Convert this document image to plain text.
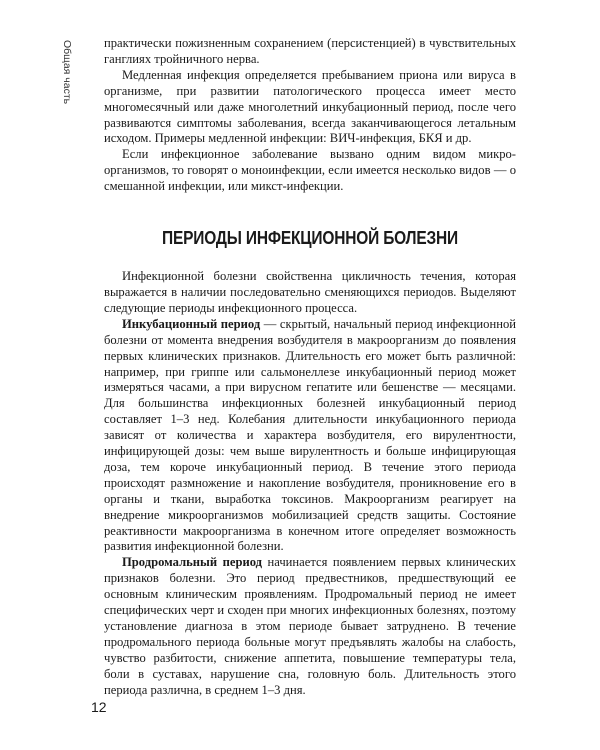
Общая часть практически пожизненным сохранением (персистенцией) в чувствительных ганглиях тройничного нерва.

Медленная инфекция определяется пребыванием приона или вируса в организме, при развитии патологического процесса имеет место многомесячный или даже многолетний инкубационный период, после чего развиваются симптомы заболевания, всегда заканчивающегося летальным исходом. Примеры медленной инфекции: ВИЧ-инфекция, БКЯ и др.

Если инфекционное заболевание вызвано одним видом микроорганизмов, то говорят о моноинфекции, если имеется несколько видов — о смешанной инфекции, или микст-инфекции.

ПЕРИОДЫ ИНФЕКЦИОННОЙ БОЛЕЗНИ

Инфекционной болезни свойственна цикличность течения, которая выражается в наличии последовательно сменяющихся периодов. Выделяют следующие периоды инфекционного процесса.

Инкубационный период — скрытый, начальный период инфекционной болезни от момента внедрения возбудителя в макроорганизм до появления первых клинических признаков. Длительность его может быть различной: например, при гриппе или сальмонеллезе инкубационный период может измеряться часами, а при вирусном гепатите или бешенстве — месяцами. Для большинства инфекционных болезней инкубационный период составляет 1–3 нед. Колебания длительности инкубационного периода зависят от количества и характера возбудителя, его вирулентности, инфицирующей дозы: чем выше вирулентность и больше инфицирующая доза, тем короче инкубационный период. В течение этого периода происходят размножение и накопление возбудителя, проникновение его в органы и ткани, выработка токсинов. Макроорганизм реагирует на внедрение микроорганизмов мобилизацией средств защиты. Состояние реактивности макроорганизма в конечном итоге определяет возможность развития инфекционной болезни.

Продромальный период начинается появлением первых клинических признаков болезни. Это период предвестников, предшествующий ее основным клиническим проявлениям. Продромальный период не имеет специфических черт и сходен при многих инфекционных болезнях, поэтому установление диагноза в этом периоде бывает затруднено. В течение продромального периода больные могут предъявлять жалобы на слабость, чувство разбитости, снижение аппетита, повышение температуры тела, боли в суставах, нарушение сна, головную боль. Длительность этого периода различна, в среднем 1–3 дня.

12
